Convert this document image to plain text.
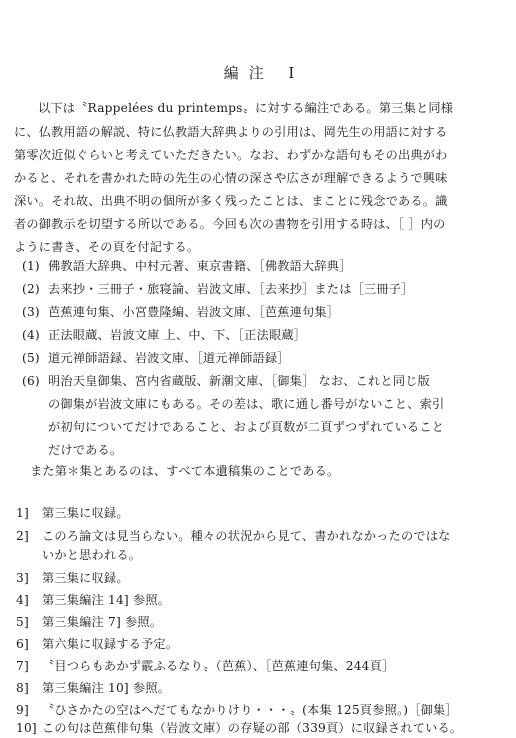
編注 I
以下は〝Rappelées du printemps〟に対する編注である。第三集と同様
に、仏教用語の解説、特に仏教語大辞典よりの引用は、岡先生の用語に対する
第零次近似ぐらいと考えていただきたい。なお、わずかな語句もその出典がわ
かると、それを書かれた時の先生の心情の深さや広さが理解できるようで興味
深い。それ故、出典不明の個所が多く残ったことは、まことに残念である。識
者の御教示を切望する所以である。今回も次の書物を引用する時は、［ ］内の
ように書き、その頁を付記する。
(1) 佛教語大辞典、中村元著、東京書籍、［佛教語大辞典］
(2) 去来抄・三冊子・旅寝論、岩波文庫、［去来抄］または［三冊子］
(3) 芭蕉連句集、小宮豊隆編、岩波文庫、［芭蕉連句集］
(4) 正法眼蔵、岩波文庫 上、中、下、［正法眼蔵］
(5) 道元禅師語録、岩波文庫、［道元禅師語録］
(6) 明治天皇御集、宮内省蔵版、新潮文庫、［御集］ なお、これと同じ版
の御集が岩波文庫にもある。その差は、歌に通し番号がないこと、索引
が初句についてだけであること、および頁数が二頁ずつずれていること
だけである。
また第＊集とあるのは、すべて本遺稿集のことである。
1] 第三集に収録。
2] このろ論文は見当らない。種々の状況から見て、書かれなかったのではな
いかと思われる。
3] 第三集に収録。
4] 第三集編注 14] 参照。
5] 第三集編注 7] 参照。
6] 第六集に収録する予定。
7] 〝目つらもあかず霰ふるなり〟（芭蕉）、［芭蕉連句集、244頁］
8] 第三集編注 10] 参照。
9] 〝ひさかたの空はへだてもなかりけり・・・〟(本集 125頁参照。)［御集］
10] この句は芭蕉俳句集（岩波文庫）の存疑の部（339頁）に収録されている。
